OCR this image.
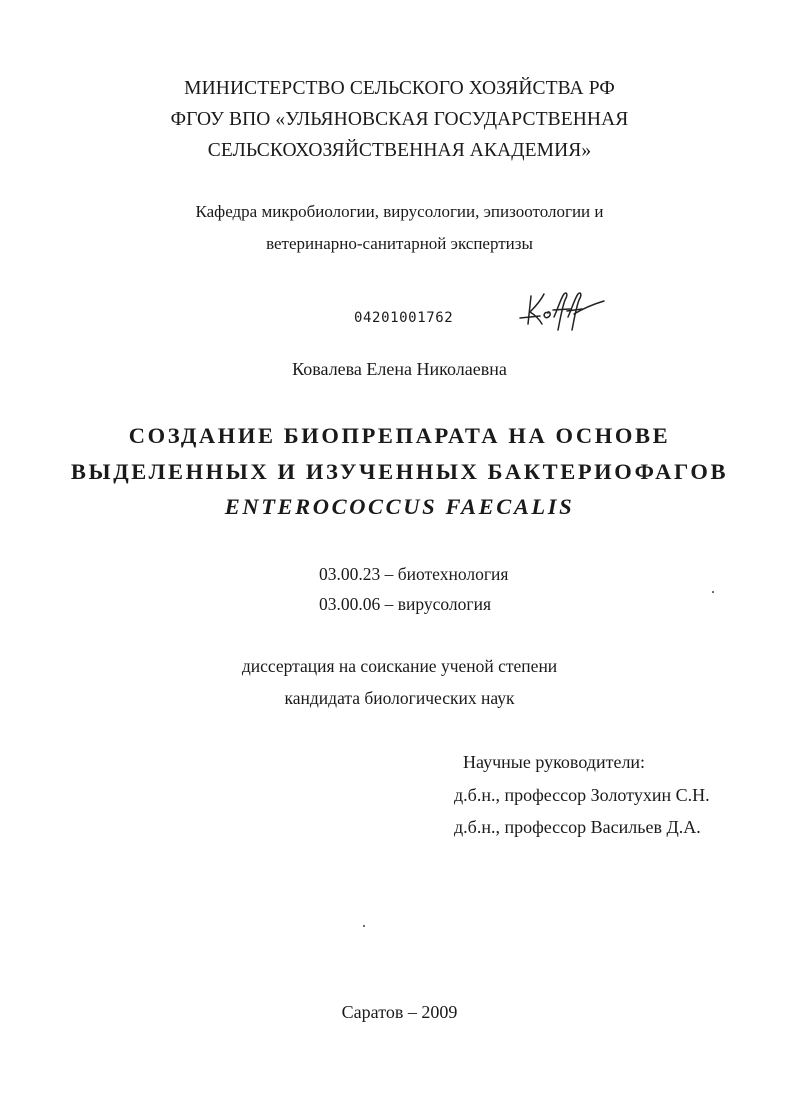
МИНИСТЕРСТВО СЕЛЬСКОГО ХОЗЯЙСТВА РФ
ФГОУ ВПО «УЛЬЯНОВСКАЯ ГОСУДАРСТВЕННАЯ
СЕЛЬСКОХОЗЯЙСТВЕННАЯ АКАДЕМИЯ»
Кафедра микробиологии, вирусологии, эпизоотологии и
ветеринарно-санитарной экспертизы
04201001762
Ковалева Елена Николаевна
СОЗДАНИЕ БИОПРЕПАРАТА НА ОСНОВЕ
ВЫДЕЛЕННЫХ И ИЗУЧЕННЫХ БАКТЕРИОФАГОВ
ENTEROCOCCUS FAECALIS
03.00.23 – биотехнология
03.00.06 – вирусология
диссертация на соискание ученой степени
кандидата биологических наук
Научные руководители:
д.б.н., профессор Золотухин С.Н.
д.б.н., профессор Васильев Д.А.
Саратов – 2009
